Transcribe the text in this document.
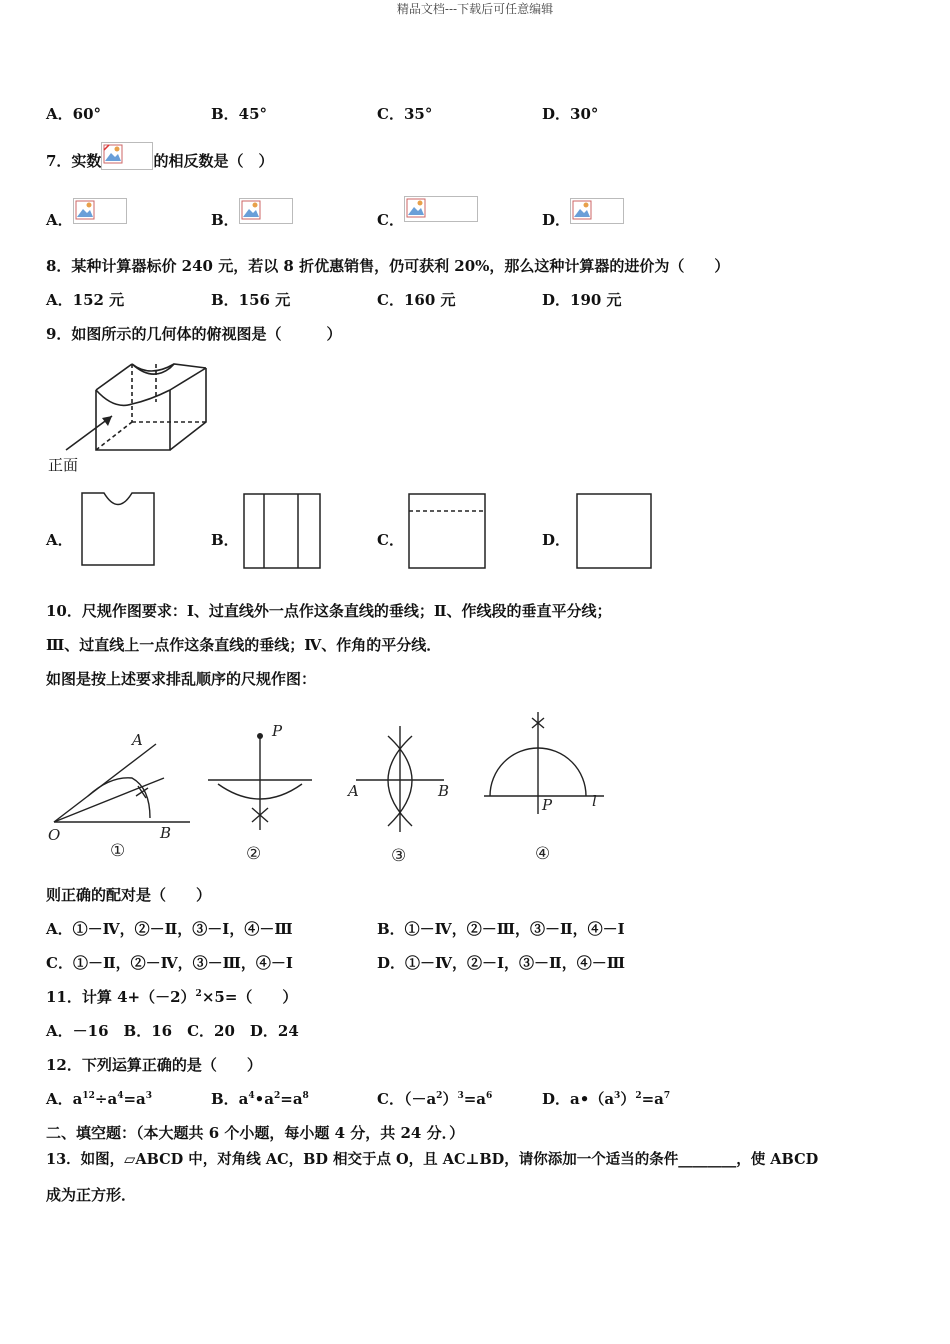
精品文档---下载后可任意编辑
A．60°	B．45°	C．35°	D．30°
7．实数	的相反数是（　）
A．	B．	C．	D．
8．某种计算器标价 240 元，若以 8 折优惠销售，仍可获利 20%，那么这种计算器的进价为（　　）
A．152 元	B．156 元	C．160 元	D．190 元
9．如图所示的几何体的俯视图是（　　　）
正面
A．	B．	C．	D．
10．尺规作图要求：Ⅰ、过直线外一点作这条直线的垂线；Ⅱ、作线段的垂直平分线；
Ⅲ、过直线上一点作这条直线的垂线；Ⅳ、作角的平分线．
如图是按上述要求排乱顺序的尺规作图：
A
B
O
P
A	B
P	l
①	②	③	④
则正确的配对是（　　）
A．①－Ⅳ，②－Ⅱ，③－Ⅰ，④－Ⅲ	B．①－Ⅳ，②－Ⅲ，③－Ⅱ，④－Ⅰ
C．①－Ⅱ，②－Ⅳ，③－Ⅲ，④－Ⅰ	D．①－Ⅳ，②－Ⅰ，③－Ⅱ，④－Ⅲ
11．计算 $4+(-2)^2\times 5=$（　　）
A．－16　B．16　C．20　D．24
12．下列运算正确的是（　　）
A．$a^{12}\div a^4=a^3$	B．$a^4•a^2=a^8$	C．$(-a^2)^3=a^6$	D．$a•(a^3)^2=a^7$
二、填空题：（本大题共 6 个小题，每小题 4 分，共 24 分．）
13．如图，▱ABCD 中，对角线 AC，BD 相交于点 O，且 AC⊥BD，请你添加一个适当的条件________，使 ABCD
成为正方形．
